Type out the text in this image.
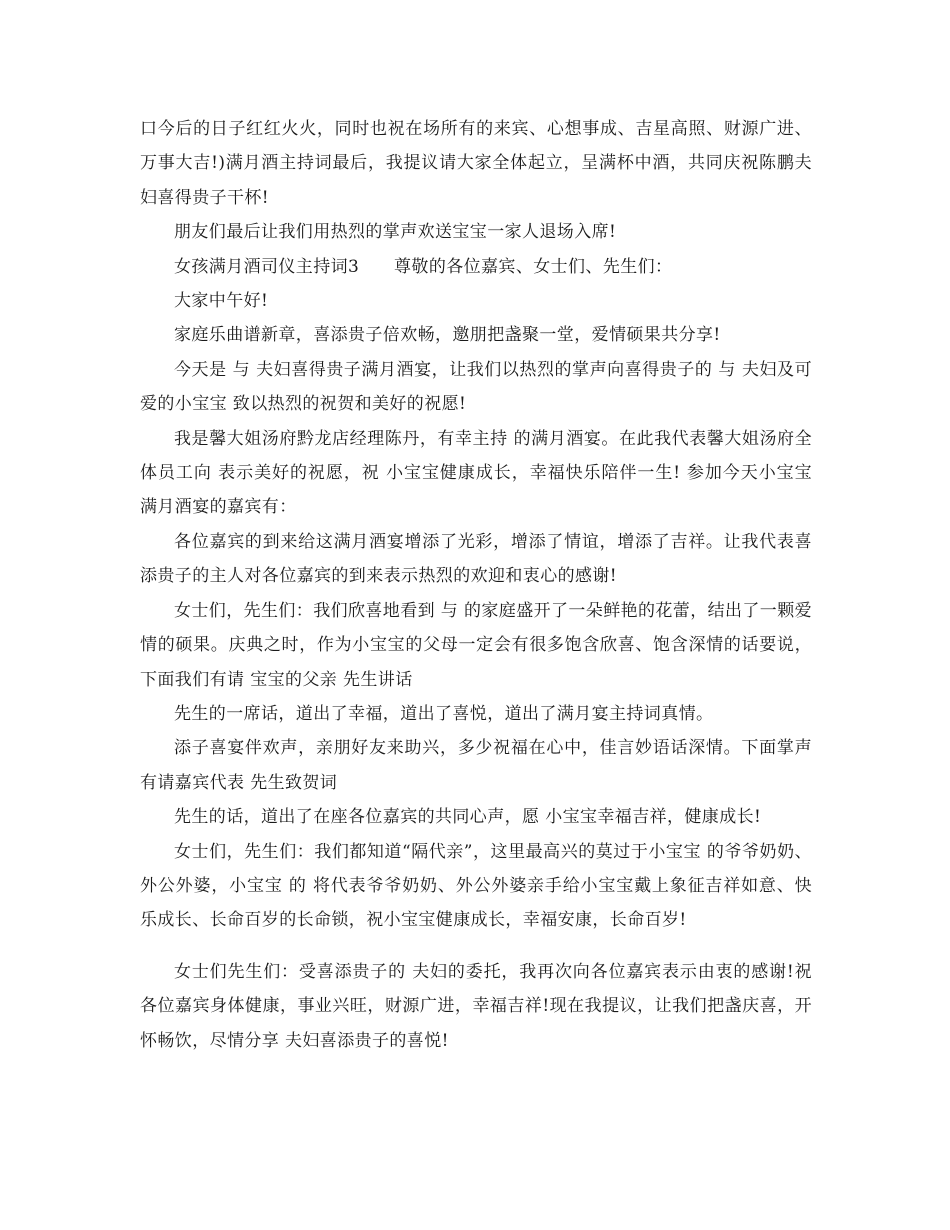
口今后的日子红红火火，同时也祝在场所有的来宾、心想事成、吉星高照、财源广进、万事大吉!)满月酒主持词最后，我提议请大家全体起立，呈满杯中酒，共同庆祝陈鹏夫妇喜得贵子干杯!

朋友们最后让我们用热烈的掌声欢送宝宝一家人退场入席!

女孩满月酒司仪主持词3　　尊敬的各位嘉宾、女士们、先生们：

大家中午好!

家庭乐曲谱新章，喜添贵子倍欢畅，邀朋把盏聚一堂，爱情硕果共分享!

今天是 与 夫妇喜得贵子满月酒宴，让我们以热烈的掌声向喜得贵子的 与 夫妇及可爱的小宝宝 致以热烈的祝贺和美好的祝愿!

我是馨大姐汤府黔龙店经理陈丹，有幸主持 的满月酒宴。在此我代表馨大姐汤府全体员工向 表示美好的祝愿，祝 小宝宝健康成长，幸福快乐陪伴一生! 参加今天小宝宝 满月酒宴的嘉宾有：

各位嘉宾的到来给这满月酒宴增添了光彩，增添了情谊，增添了吉祥。让我代表喜添贵子的主人对各位嘉宾的到来表示热烈的欢迎和衷心的感谢!

女士们，先生们：我们欣喜地看到 与 的家庭盛开了一朵鲜艳的花蕾，结出了一颗爱情的硕果。庆典之时，作为小宝宝的父母一定会有很多饱含欣喜、饱含深情的话要说，下面我们有请 宝宝的父亲 先生讲话

先生的一席话，道出了幸福，道出了喜悦，道出了满月宴主持词真情。

添子喜宴伴欢声，亲朋好友来助兴，多少祝福在心中，佳言妙语话深情。下面掌声有请嘉宾代表 先生致贺词

先生的话，道出了在座各位嘉宾的共同心声，愿 小宝宝幸福吉祥，健康成长!

女士们，先生们：我们都知道“隔代亲”，这里最高兴的莫过于小宝宝 的爷爷奶奶、外公外婆，小宝宝 的 将代表爷爷奶奶、外公外婆亲手给小宝宝戴上象征吉祥如意、快乐成长、长命百岁的长命锁，祝小宝宝健康成长，幸福安康，长命百岁!

女士们先生们：受喜添贵子的 夫妇的委托，我再次向各位嘉宾表示由衷的感谢!祝各位嘉宾身体健康，事业兴旺，财源广进，幸福吉祥!现在我提议，让我们把盏庆喜，开怀畅饮，尽情分享 夫妇喜添贵子的喜悦!
